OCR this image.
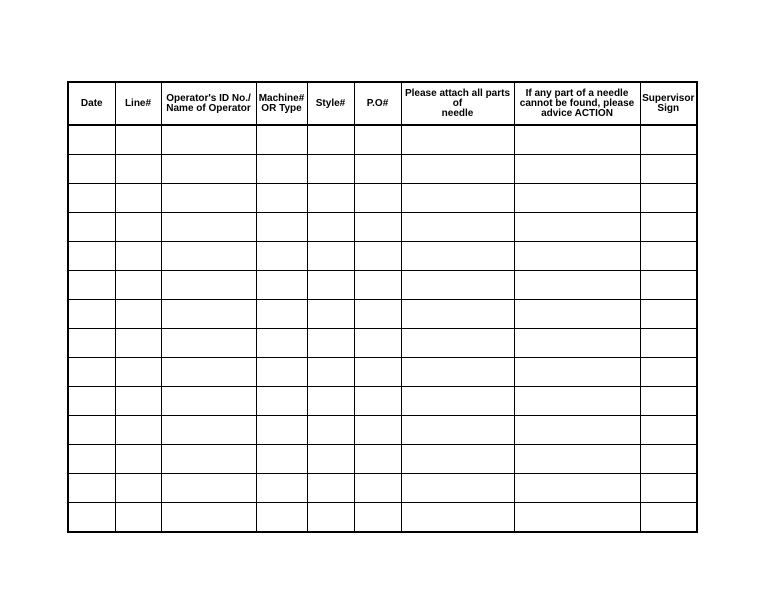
Date	Line#	Operator's ID No./
Name of Operator	Machine#
OR Type	Style#	P.O#	Please attach all parts of
needle	If any part of a needle
cannot be found, please
advice ACTION	Supervisor
Sign
